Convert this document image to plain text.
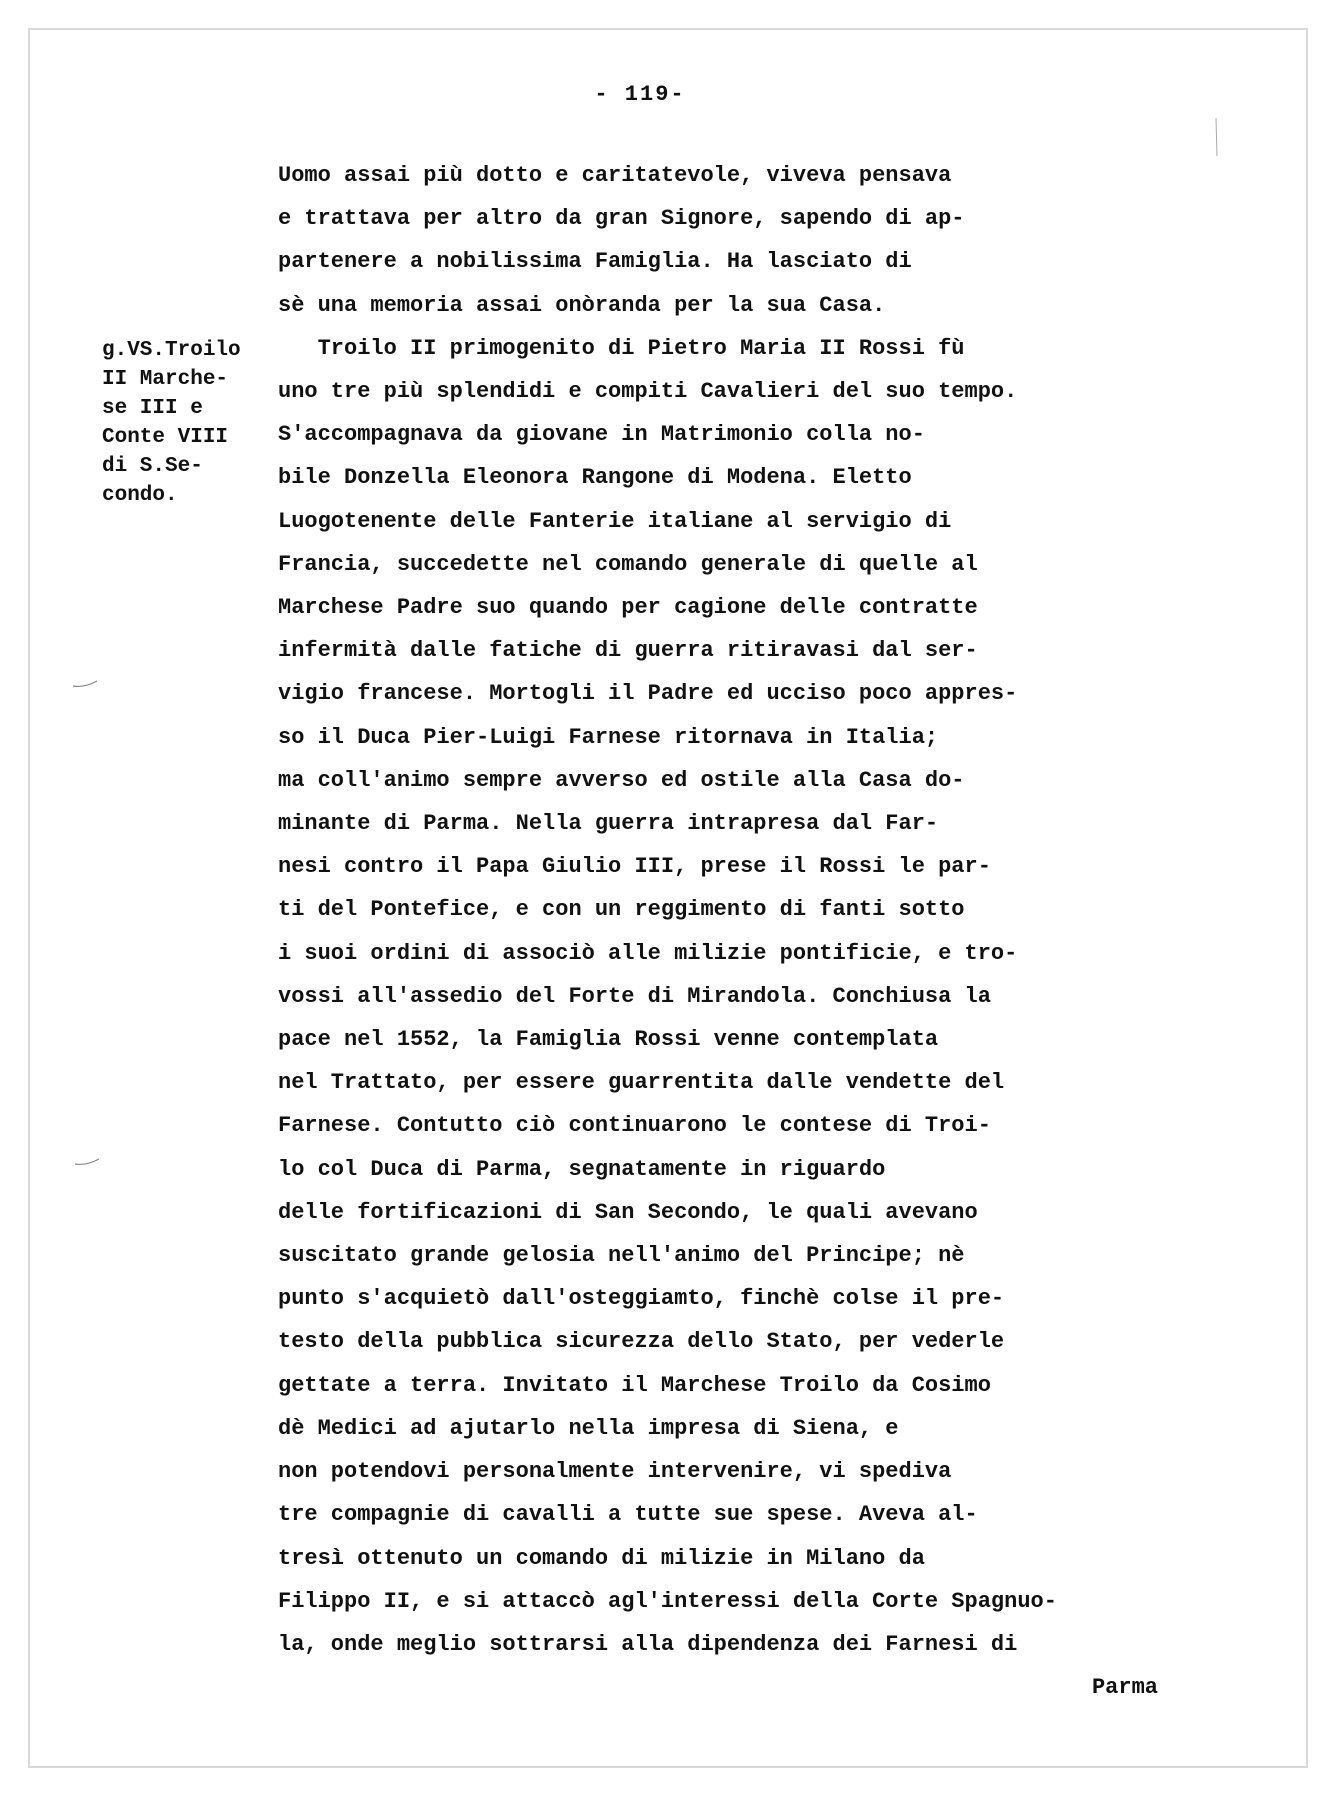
- 119-
g.VS.Troilo
II Marche-
se III e
Conte VIII
di S.Se-
condo.
Uomo assai più dotto e caritatevole, viveva pensava
e trattava per altro da gran Signore, sapendo di ap-
partenere a nobilissima Famiglia. Ha lasciato di
sè una memoria assai onòranda per la sua Casa.
Troilo II primogenito di Pietro Maria II Rossi fù
uno tre più splendidi e compiti Cavalieri del suo tempo.
S'accompagnava da giovane in Matrimonio colla no-
bile Donzella Eleonora Rangone di Modena. Eletto
Luogotenente delle Fanterie italiane al servigio di
Francia, succedette nel comando generale di quelle al
Marchese Padre suo quando per cagione delle contratte
infermità dalle fatiche di guerra ritiravasi dal ser-
vigio francese. Mortogli il Padre ed ucciso poco appres-
so il Duca Pier-Luigi Farnese ritornava in Italia;
ma coll'animo sempre avverso ed ostile alla Casa do-
minante di Parma. Nella guerra intrapresa dal Far-
nesi contro il Papa Giulio III, prese il Rossi le par-
ti del Pontefice, e con un reggimento di fanti sotto
i suoi ordini di associò alle milizie pontificie, e tro-
vossi all'assedio del Forte di Mirandola. Conchiusa la
pace nel 1552, la Famiglia Rossi venne contemplata
nel Trattato, per essere guarrentita dalle vendette del
Farnese. Contutto ciò continuarono le contese di Troi-
lo col Duca di Parma, segnatamente in riguardo
delle fortificazioni di San Secondo, le quali avevano
suscitato grande gelosia nell'animo del Principe; nè
punto s'acquietò dall'osteggiamto, finchè colse il pre-
testo della pubblica sicurezza dello Stato, per vederle
gettate a terra. Invitato il Marchese Troilo da Cosimo
dè Medici ad ajutarlo nella impresa di Siena, e
non potendovi personalmente intervenire, vi spediva
tre compagnie di cavalli a tutte sue spese. Aveva al-
tresì ottenuto un comando di milizie in Milano da
Filippo II, e si attaccò agl'interessi della Corte Spagnuo-
la, onde meglio sottrarsi alla dipendenza dei Farnesi di
Parma
